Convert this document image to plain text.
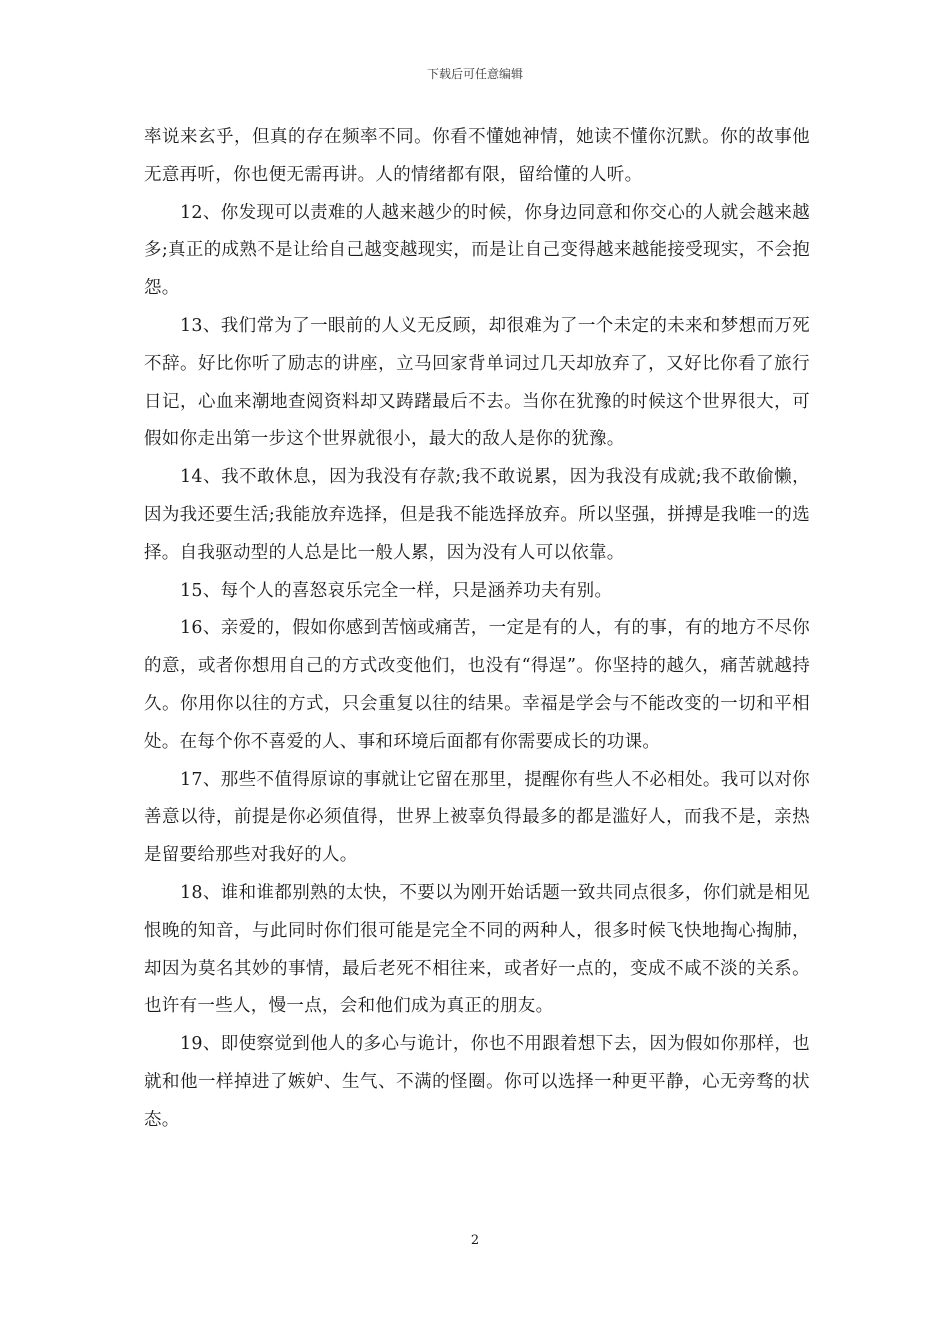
下载后可任意编辑

率说来玄乎，但真的存在频率不同。你看不懂她神情，她读不懂你沉默。你的故事他无意再听，你也便无需再讲。人的情绪都有限，留给懂的人听。

12、你发现可以责难的人越来越少的时候，你身边同意和你交心的人就会越来越多;真正的成熟不是让给自己越变越现实，而是让自己变得越来越能接受现实，不会抱怨。

13、我们常为了一眼前的人义无反顾，却很难为了一个未定的未来和梦想而万死不辞。好比你听了励志的讲座，立马回家背单词过几天却放弃了，又好比你看了旅行日记，心血来潮地查阅资料却又踌躇最后不去。当你在犹豫的时候这个世界很大，可假如你走出第一步这个世界就很小，最大的敌人是你的犹豫。

14、我不敢休息，因为我没有存款;我不敢说累，因为我没有成就;我不敢偷懒，因为我还要生活;我能放弃选择，但是我不能选择放弃。所以坚强，拼搏是我唯一的选择。自我驱动型的人总是比一般人累，因为没有人可以依靠。

15、每个人的喜怒哀乐完全一样，只是涵养功夫有别。

16、亲爱的，假如你感到苦恼或痛苦，一定是有的人，有的事，有的地方不尽你的意，或者你想用自己的方式改变他们，也没有“得逞”。你坚持的越久，痛苦就越持久。你用你以往的方式，只会重复以往的结果。幸福是学会与不能改变的一切和平相处。在每个你不喜爱的人、事和环境后面都有你需要成长的功课。

17、那些不值得原谅的事就让它留在那里，提醒你有些人不必相处。我可以对你善意以待，前提是你必须值得，世界上被辜负得最多的都是滥好人，而我不是，亲热是留要给那些对我好的人。

18、谁和谁都别熟的太快，不要以为刚开始话题一致共同点很多，你们就是相见恨晚的知音，与此同时你们很可能是完全不同的两种人，很多时候飞快地掏心掏肺，却因为莫名其妙的事情，最后老死不相往来，或者好一点的，变成不咸不淡的关系。也许有一些人，慢一点，会和他们成为真正的朋友。

19、即使察觉到他人的多心与诡计，你也不用跟着想下去，因为假如你那样，也就和他一样掉进了嫉妒、生气、不满的怪圈。你可以选择一种更平静，心无旁骛的状态。

2
